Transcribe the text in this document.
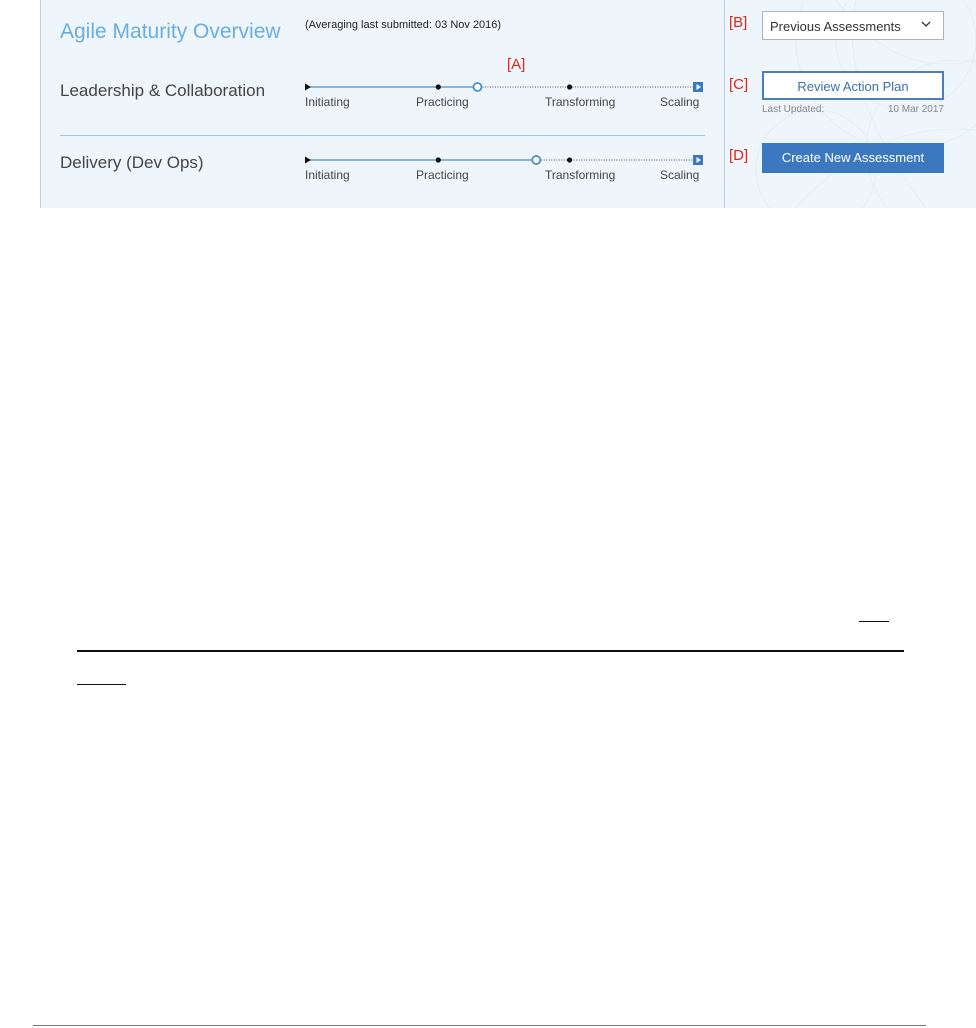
Agile Maturity Overview (Averaging last submitted: 03 Nov 2016)
[A]
Leadership & Collaboration
Initiating	Practicing	Transforming	Scaling
Delivery (Dev Ops)
Initiating	Practicing	Transforming	Scaling
[B]	Previous Assessments
[C]	Review Action Plan
Last Updated:	10 Mar 2017
[D]	Create New Assessment
